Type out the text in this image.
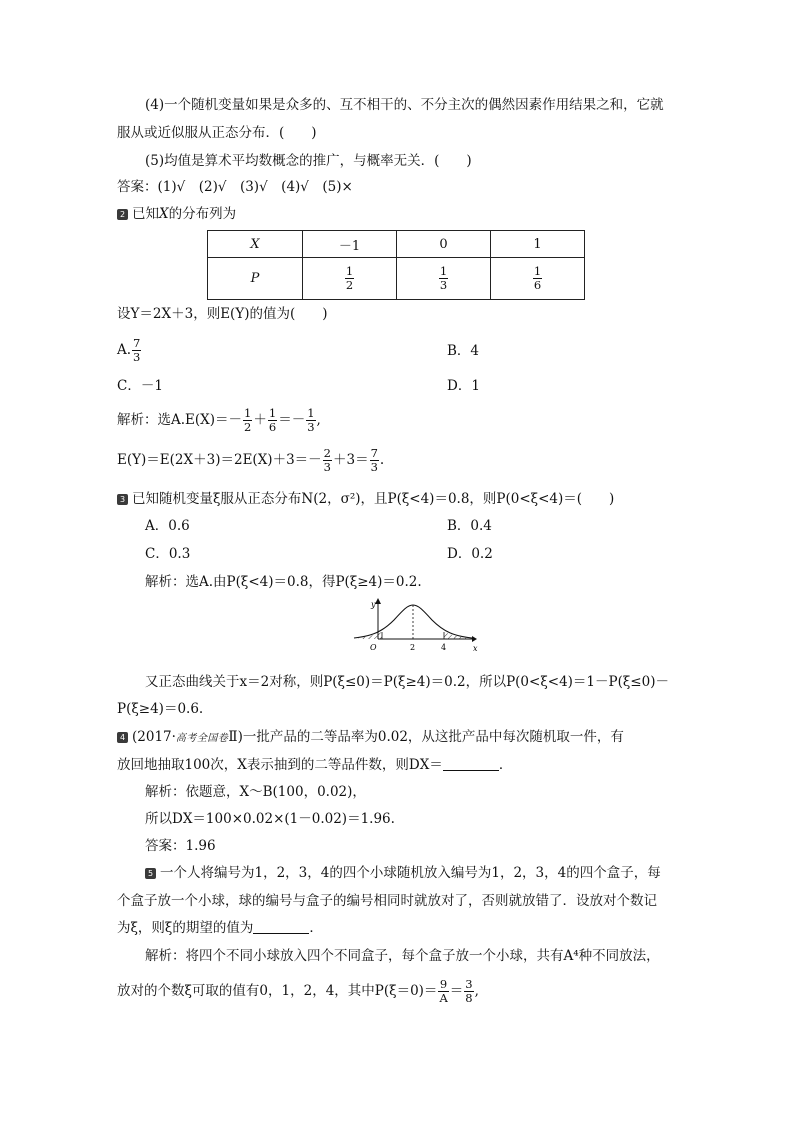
(4)一个随机变量如果是众多的、互不相干的、不分主次的偶然因素作用结果之和，它就
服从或近似服从正态分布．(　　)
(5)均值是算术平均数概念的推广，与概率无关．(　　)
答案：(1)√　(2)√　(3)√　(4)√　(5)×
2 已知X的分布列为
X	－1	0	1
P	$\frac{1}{2}$	$\frac{1}{3}$	$\frac{1}{6}$
设Y＝2X＋3，则E(Y)的值为(　　)
A. $\frac{7}{3}$	B．4
C．－1	D．1
解析：选$A.E(X)=- \frac{1}{2} + \frac{1}{6} =- \frac{1}{3}$ ,
$E(Y)=E(2X+3)=2E(X)+3=- \frac{2}{3} +3= \frac{7}{3}$ .
3 已知随机变量ξ服从正态分布N(2，σ²)，且P(ξ<4)＝0.8，则P(0<ξ<4)＝(　　)
A．0.6	B．0.4
C．0.3	D．0.2
解析：选A.由P(ξ<4)＝0.8，得P(ξ≥4)＝0.2.
y
x
O	2	4
又正态曲线关于x＝2对称，则P(ξ≤0)＝P(ξ≥4)＝0.2，所以P(0<ξ<4)＝1－P(ξ≤0)－
P(ξ≥4)＝0.6.
4 (2017·高考全国卷Ⅱ)一批产品的二等品率为0.02，从这批产品中每次随机取一件，有
放回地抽取100次，X表示抽到的二等品件数，则DX＝	．
解析：依题意，X～B(100，0.02)，
所以DX＝100×0.02×(1－0.02)＝1.96.
答案：1.96
5 一个人将编号为1，2，3，4的四个小球随机放入编号为1，2，3，4的四个盒子，每
个盒子放一个小球，球的编号与盒子的编号相同时就放对了，否则就放错了．设放对个数记
为ξ，则ξ的期望的值为	．
解析：将四个不同小球放入四个不同盒子，每个盒子放一个小球，共有A⁴种不同放法，
放对的个数ξ可取的值有0，1，2，4，其中$P(\xi=0)= \frac{9}{A} = \frac{3}{8}$ ,
